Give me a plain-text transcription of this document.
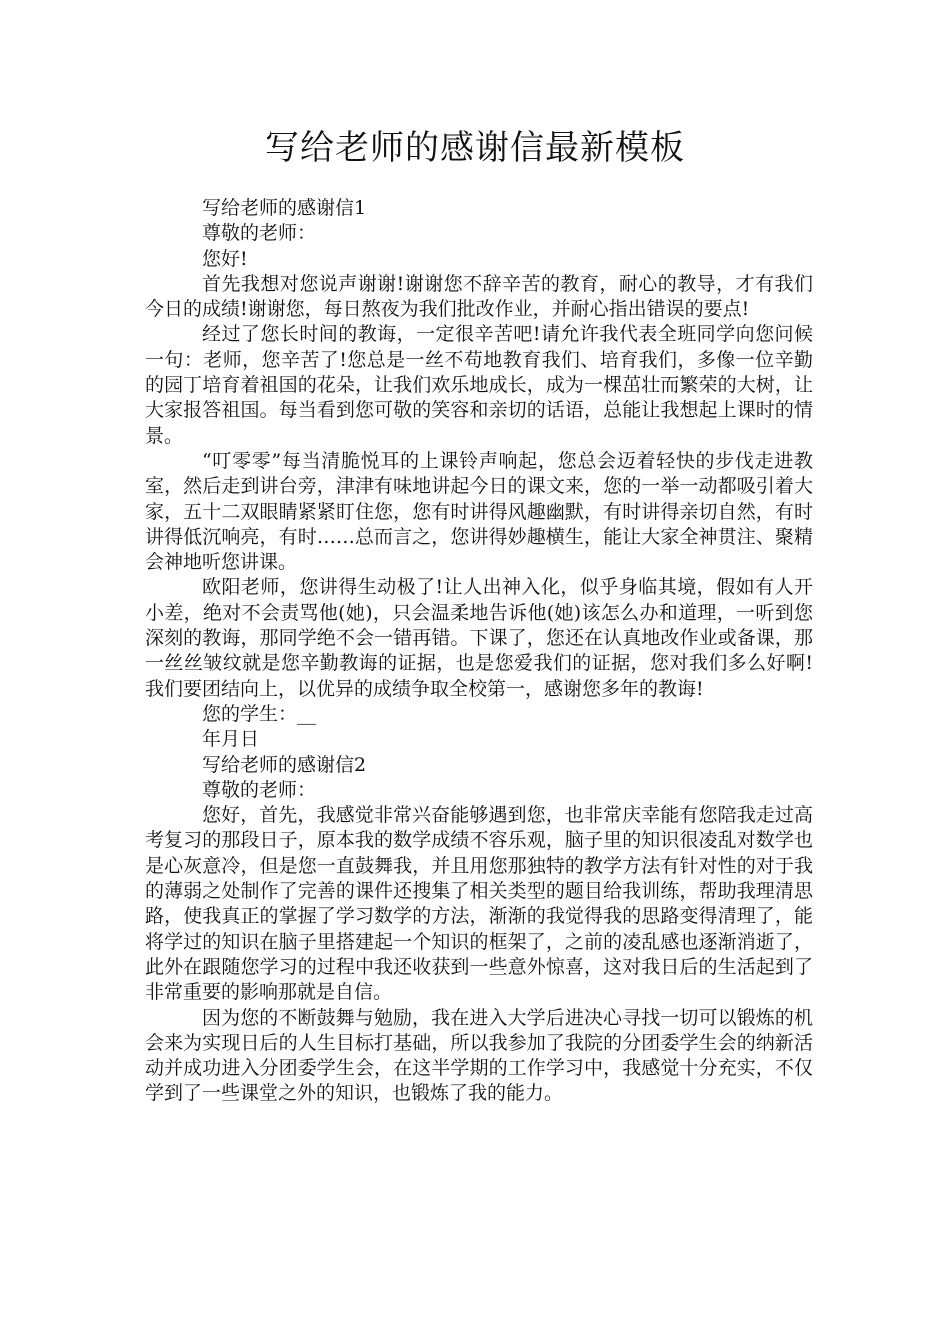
写给老师的感谢信最新模板

写给老师的感谢信1

尊敬的老师：

您好!

首先我想对您说声谢谢!谢谢您不辞辛苦的教育，耐心的教导，才有我们今日的成绩!谢谢您，每日熬夜为我们批改作业，并耐心指出错误的要点!

经过了您长时间的教诲，一定很辛苦吧!请允许我代表全班同学向您问候一句：老师，您辛苦了!您总是一丝不苟地教育我们、培育我们，多像一位辛勤的园丁培育着祖国的花朵，让我们欢乐地成长，成为一棵茁壮而繁荣的大树，让大家报答祖国。每当看到您可敬的笑容和亲切的话语，总能让我想起上课时的情景。

“叮零零”每当清脆悦耳的上课铃声响起，您总会迈着轻快的步伐走进教室，然后走到讲台旁，津津有味地讲起今日的课文来，您的一举一动都吸引着大家，五十二双眼睛紧紧盯住您，您有时讲得风趣幽默，有时讲得亲切自然，有时讲得低沉响亮，有时……总而言之，您讲得妙趣横生，能让大家全神贯注、聚精会神地听您讲课。

欧阳老师，您讲得生动极了!让人出神入化，似乎身临其境，假如有人开小差，绝对不会责骂他(她)，只会温柔地告诉他(她)该怎么办和道理，一听到您深刻的教诲，那同学绝不会一错再错。下课了，您还在认真地改作业或备课，那一丝丝皱纹就是您辛勤教诲的证据，也是您爱我们的证据，您对我们多么好啊!我们要团结向上，以优异的成绩争取全校第一，感谢您多年的教诲!

您的学生：__

年月日

写给老师的感谢信2

尊敬的老师：

您好，首先，我感觉非常兴奋能够遇到您，也非常庆幸能有您陪我走过高考复习的那段日子，原本我的数学成绩不容乐观，脑子里的知识很凌乱对数学也是心灰意冷，但是您一直鼓舞我，并且用您那独特的教学方法有针对性的对于我的薄弱之处制作了完善的课件还搜集了相关类型的题目给我训练，帮助我理清思路，使我真正的掌握了学习数学的方法，渐渐的我觉得我的思路变得清理了，能将学过的知识在脑子里搭建起一个知识的框架了，之前的凌乱感也逐渐消逝了，此外在跟随您学习的过程中我还收获到一些意外惊喜，这对我日后的生活起到了非常重要的影响那就是自信。

因为您的不断鼓舞与勉励，我在进入大学后进决心寻找一切可以锻炼的机会来为实现日后的人生目标打基础，所以我参加了我院的分团委学生会的纳新活动并成功进入分团委学生会，在这半学期的工作学习中，我感觉十分充实，不仅学到了一些课堂之外的知识，也锻炼了我的能力。
